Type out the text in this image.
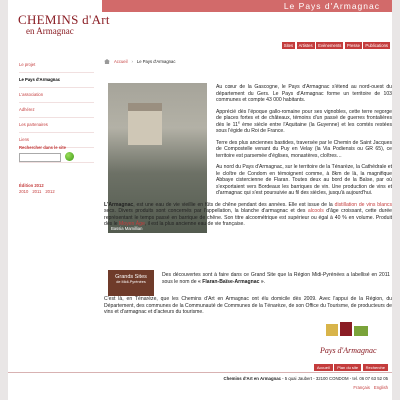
Le Pays d'Armagnac
CHEMINS d'Art
en Armagnac
Sites	Artistes	Evènements	Presse	Publications
Le projet
Le Pays d'Armagnac
L'association
Adhérez
Les partenaires
Liens
Rechercher dans le site
Édition 2012
2010 2011 2012
Accueil › Le Pays d'Armagnac
Bassia Mamillian

Au cœur de la Gascogne, le Pays d'Armagnac s'étend au nord-ouest du département du Gers. Le Pays d'Armagnac forme un territoire de 103 communes et compte 43 000 habitants.

Apprécié dès l'époque gallo-romaine pour ses vignobles, cette terre regorge de places fortes et de châteaux, témoins d'un passé de guerres frontalières dès le 11e ème siècle entre l'Aquitaine (la Guyenne) et les comtés restées sous l'égide du Roi de France.

Terre des plus anciennes bastides, traversée par le Chemin de Saint Jacques de Compostelle venant du Puy en Velay (la Via Podiensis ou GR 65), ce territoire est parsemée d'églises, monastères, cloîtres…

Au nord du Pays d'Armagnac, sur le territoire de la Ténarèze, la Cathédrale et le cloître de Condom en témoignent comme, à 8km de là, la magnifique Abbaye cistercienne de Flaran. Toutes deux au bord de la Baïse, par où s'exportaient vers Bordeaux les barriques de vin. Une production de vins et d'armagnac qui s'est poursuivie au fil des siècles, jusqu'à aujourd'hui.

L'Armagnac, est une eau de vie vieillie en fûts de chêne pendant des années. Elle est issue de la distillation de vins blancs secs. Divers produits sont concernés par l'appellation, la blanche d'armagnac et des alcools d'âge croissant, cette durée représentant le temps passé en barrique de chêne. Son titre alcoométrique est supérieur ou égal à 40 % en volume. Produit dès le Moyen Âge, il est la plus ancienne eau de vie française.

Grands Sites
de Midi-Pyrénées
Des découvertes sont à faire dans ce Grand Site que la Région Midi-Pyrénées a labellisé en 2011 sous le nom de « Flaran-Baïse-Armagnac ».

C'est là, en Ténarèze, que les Chemins d'Art en Armagnac ont élu domicile dès 2009. Avec l'appui de la Région, du Département, des communes de la Communauté de Communes de la Ténarèze, de son Office du Tourisme, de producteurs de vins et d'armagnac et d'acteurs du tourisme.

Pays d'Armagnac
Accueil	Plan du site	Recherche
Chemins d'Art en Armagnac - 5 quai Jaubert - 32100 CONDOM - tel. 06 07 63 52 05
Français English
